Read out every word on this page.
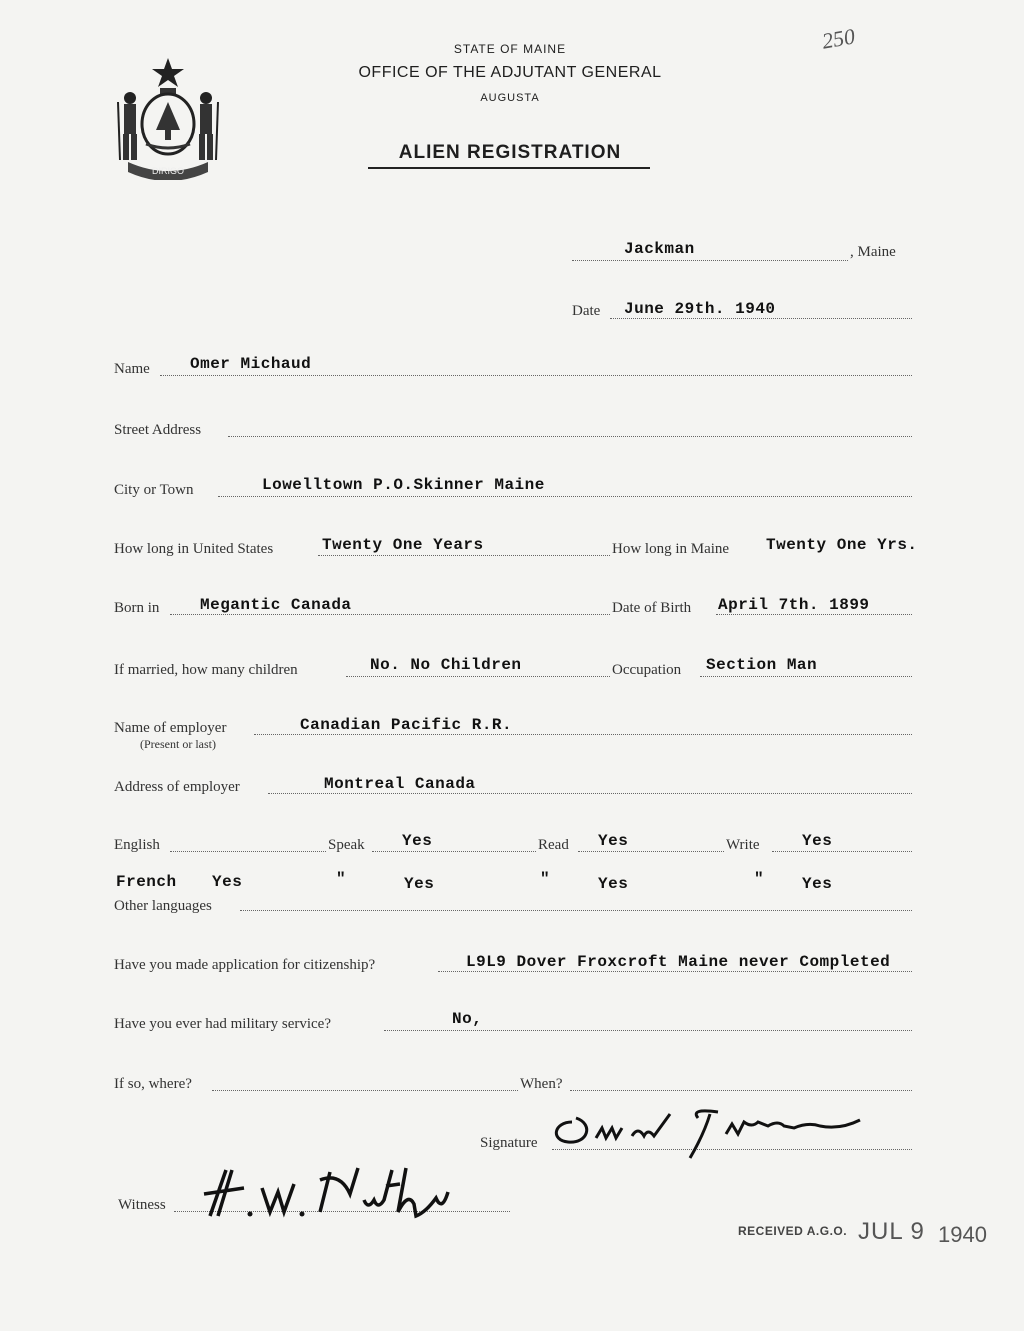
DIRIGO
STATE OF MAINE
OFFICE OF THE ADJUTANT GENERAL
AUGUSTA
ALIEN REGISTRATION
250
Jackman	, Maine
Date June 29th. 1940
Name	Omer Michaud
Street Address
City or Town	Lowelltown P.O.Skinner Maine
How long in United States	Twenty One Years	How long in Maine Twenty One Yrs.
Born in	Megantic Canada	Date of Birth April 7th. 1899
If married, how many children	No. No Children	Occupation Section Man
Name of employer
(Present or last)
Canadian Pacific R.R.
Address of employer	Montreal Canada
English	Speak Yes	Read Yes	Write	Yes
French Yes	"	Yes	"	Yes	" Yes
Other languages
Have you made application for citizenship?	L9L9 Dover Froxcroft Maine never Completed
Have you ever had military service?	No,
If so, where?	When?
Signature
Witness
RECEIVED A.G.O. JUL 9 1940
